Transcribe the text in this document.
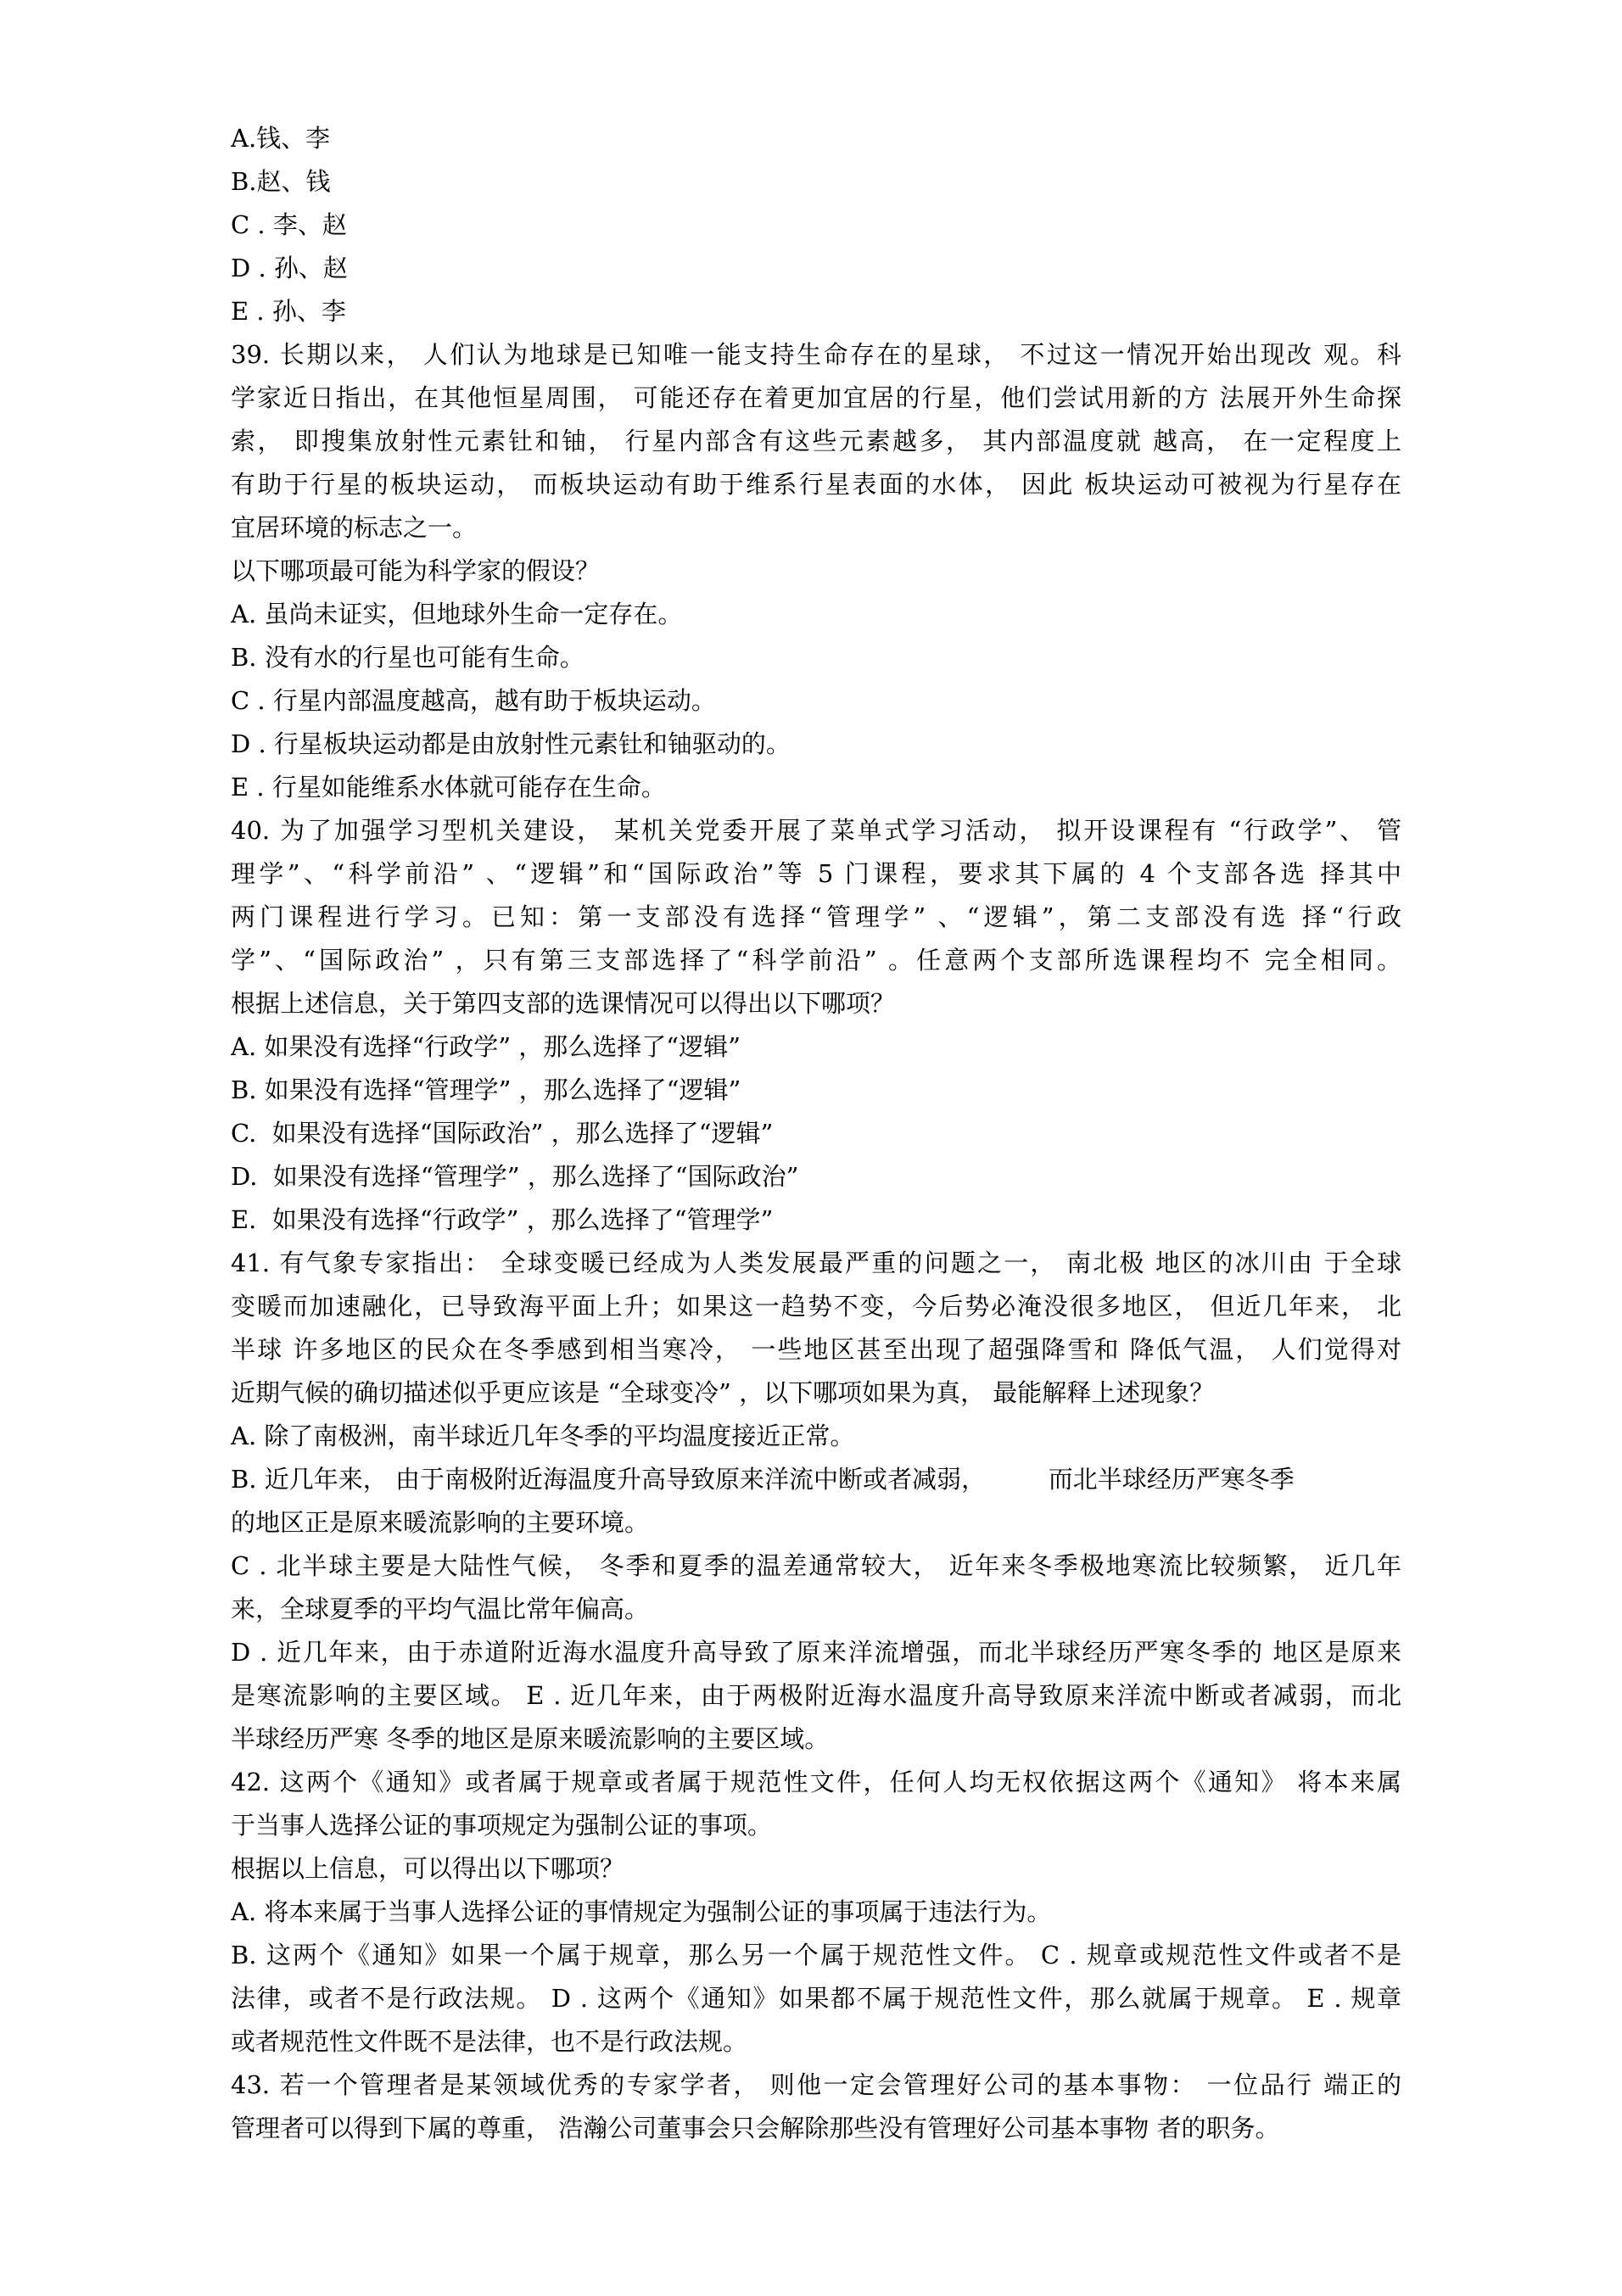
A.钱、李
B.赵、钱
C . 李、赵
D . 孙、赵
E . 孙、李
39. 长期以来， 人们认为地球是已知唯一能支持生命存在的星球， 不过这一情况开始出现改 观。科
学家近日指出，在其他恒星周围， 可能还存在着更加宜居的行星，他们尝试用新的方 法展开外生命探
索， 即搜集放射性元素钍和铀， 行星内部含有这些元素越多， 其内部温度就 越高， 在一定程度上
有助于行星的板块运动， 而板块运动有助于维系行星表面的水体， 因此 板块运动可被视为行星存在
宜居环境的标志之一。
以下哪项最可能为科学家的假设？
A. 虽尚未证实，但地球外生命一定存在。
B. 没有水的行星也可能有生命。
C . 行星内部温度越高，越有助于板块运动。
D . 行星板块运动都是由放射性元素钍和铀驱动的。
E . 行星如能维系水体就可能存在生命。
40. 为了加强学习型机关建设， 某机关党委开展了菜单式学习活动， 拟开设课程有 “行政学”、 管
理学”、“科学前沿” 、“逻辑”和“国际政治”等 5 门课程，要求其下属的 4 个支部各选 择其中
两门课程进行学习。已知：第一支部没有选择“管理学” 、“逻辑”，第二支部没有选 择“行政
学”、“国际政治” ，只有第三支部选择了“科学前沿” 。任意两个支部所选课程均不 完全相同。
根据上述信息，关于第四支部的选课情况可以得出以下哪项？
A. 如果没有选择“行政学” ，那么选择了“逻辑”
B. 如果没有选择“管理学” ，那么选择了“逻辑”
C.  如果没有选择“国际政治” ，那么选择了“逻辑”
D.  如果没有选择“管理学” ，那么选择了“国际政治”
E.  如果没有选择“行政学” ，那么选择了“管理学”
41. 有气象专家指出： 全球变暖已经成为人类发展最严重的问题之一， 南北极 地区的冰川由 于全球
变暖而加速融化，已导致海平面上升；如果这一趋势不变，今后势必淹没很多地区， 但近几年来， 北
半球 许多地区的民众在冬季感到相当寒冷， 一些地区甚至出现了超强降雪和 降低气温， 人们觉得对
近期气候的确切描述似乎更应该是 “全球变冷” ，以下哪项如果为真， 最能解释上述现象？
A. 除了南极洲，南半球近几年冬季的平均温度接近正常。
B. 近几年来， 由于南极附近海温度升高导致原来洋流中断或者减弱，        而北半球经历严寒冬季
的地区正是原来暖流影响的主要环境。
C . 北半球主要是大陆性气候， 冬季和夏季的温差通常较大， 近年来冬季极地寒流比较频繁， 近几年
来，全球夏季的平均气温比常年偏高。
D . 近几年来，由于赤道附近海水温度升高导致了原来洋流增强，而北半球经历严寒冬季的 地区是原来
是寒流影响的主要区域。 E . 近几年来，由于两极附近海水温度升高导致原来洋流中断或者减弱，而北
半球经历严寒 冬季的地区是原来暖流影响的主要区域。
42. 这两个《通知》或者属于规章或者属于规范性文件，任何人均无权依据这两个《通知》 将本来属
于当事人选择公证的事项规定为强制公证的事项。
根据以上信息，可以得出以下哪项？
A. 将本来属于当事人选择公证的事情规定为强制公证的事项属于违法行为。
B. 这两个《通知》如果一个属于规章，那么另一个属于规范性文件。 C . 规章或规范性文件或者不是
法律，或者不是行政法规。 D . 这两个《通知》如果都不属于规范性文件，那么就属于规章。 E . 规章
或者规范性文件既不是法律，也不是行政法规。
43. 若一个管理者是某领域优秀的专家学者， 则他一定会管理好公司的基本事物： 一位品行 端正的
管理者可以得到下属的尊重， 浩瀚公司董事会只会解除那些没有管理好公司基本事物 者的职务。
